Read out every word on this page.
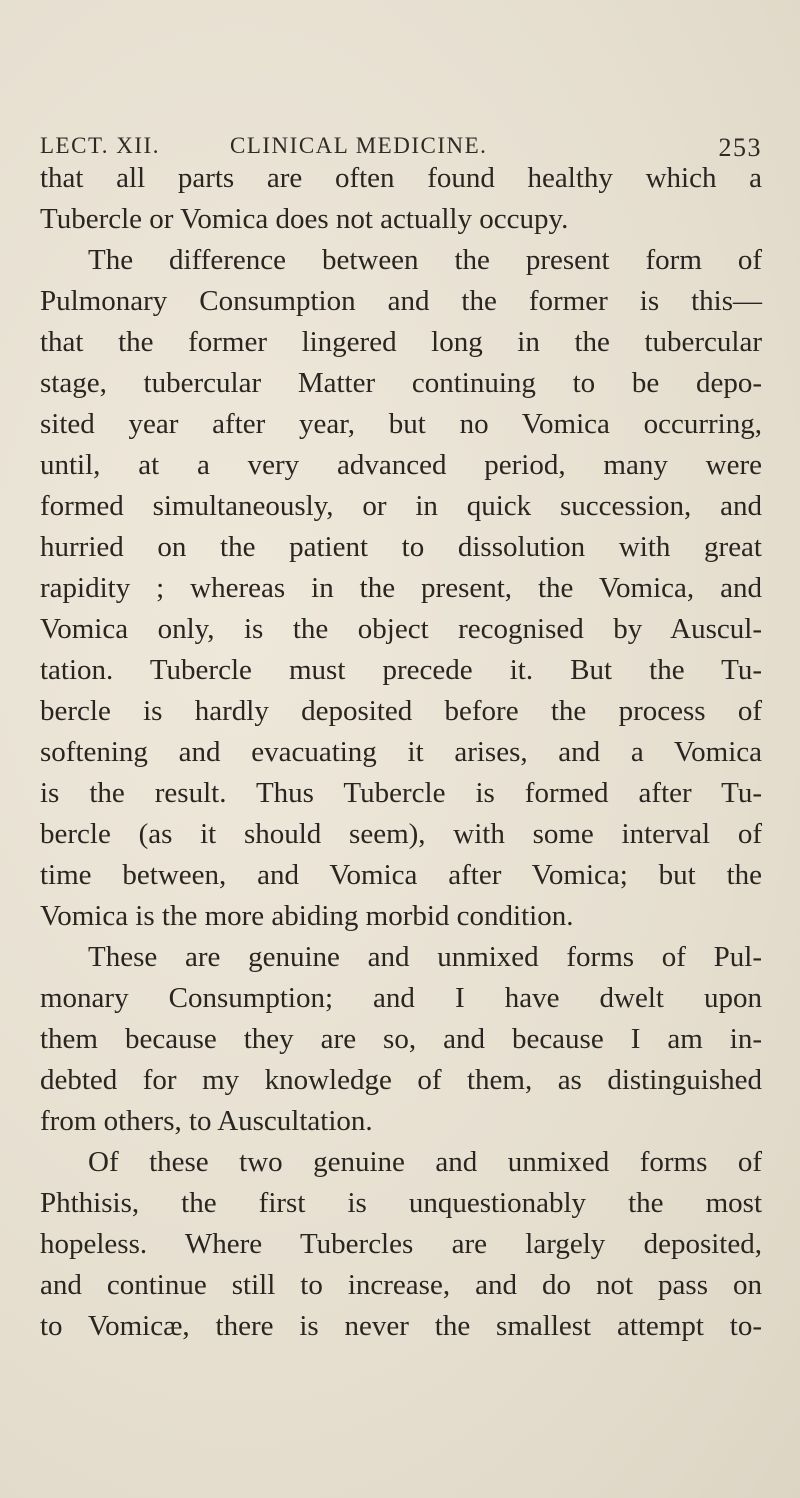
LECT. XII.	CLINICAL MEDICINE.	253
that all parts are often found healthy which a
Tubercle or Vomica does not actually occupy.
The difference between the present form of
Pulmonary Consumption and the former is this—
that the former lingered long in the tubercular
stage, tubercular Matter continuing to be depo-
sited year after year, but no Vomica occurring,
until, at a very advanced period, many were
formed simultaneously, or in quick succession, and
hurried on the patient to dissolution with great
rapidity ; whereas in the present, the Vomica, and
Vomica only, is the object recognised by Auscul-
tation. Tubercle must precede it. But the Tu-
bercle is hardly deposited before the process of
softening and evacuating it arises, and a Vomica
is the result. Thus Tubercle is formed after Tu-
bercle (as it should seem), with some interval of
time between, and Vomica after Vomica; but the
Vomica is the more abiding morbid condition.
These are genuine and unmixed forms of Pul-
monary Consumption; and I have dwelt upon
them because they are so, and because I am in-
debted for my knowledge of them, as distinguished
from others, to Auscultation.
Of these two genuine and unmixed forms of
Phthisis, the first is unquestionably the most
hopeless. Where Tubercles are largely deposited,
and continue still to increase, and do not pass on
to Vomicæ, there is never the smallest attempt to-
